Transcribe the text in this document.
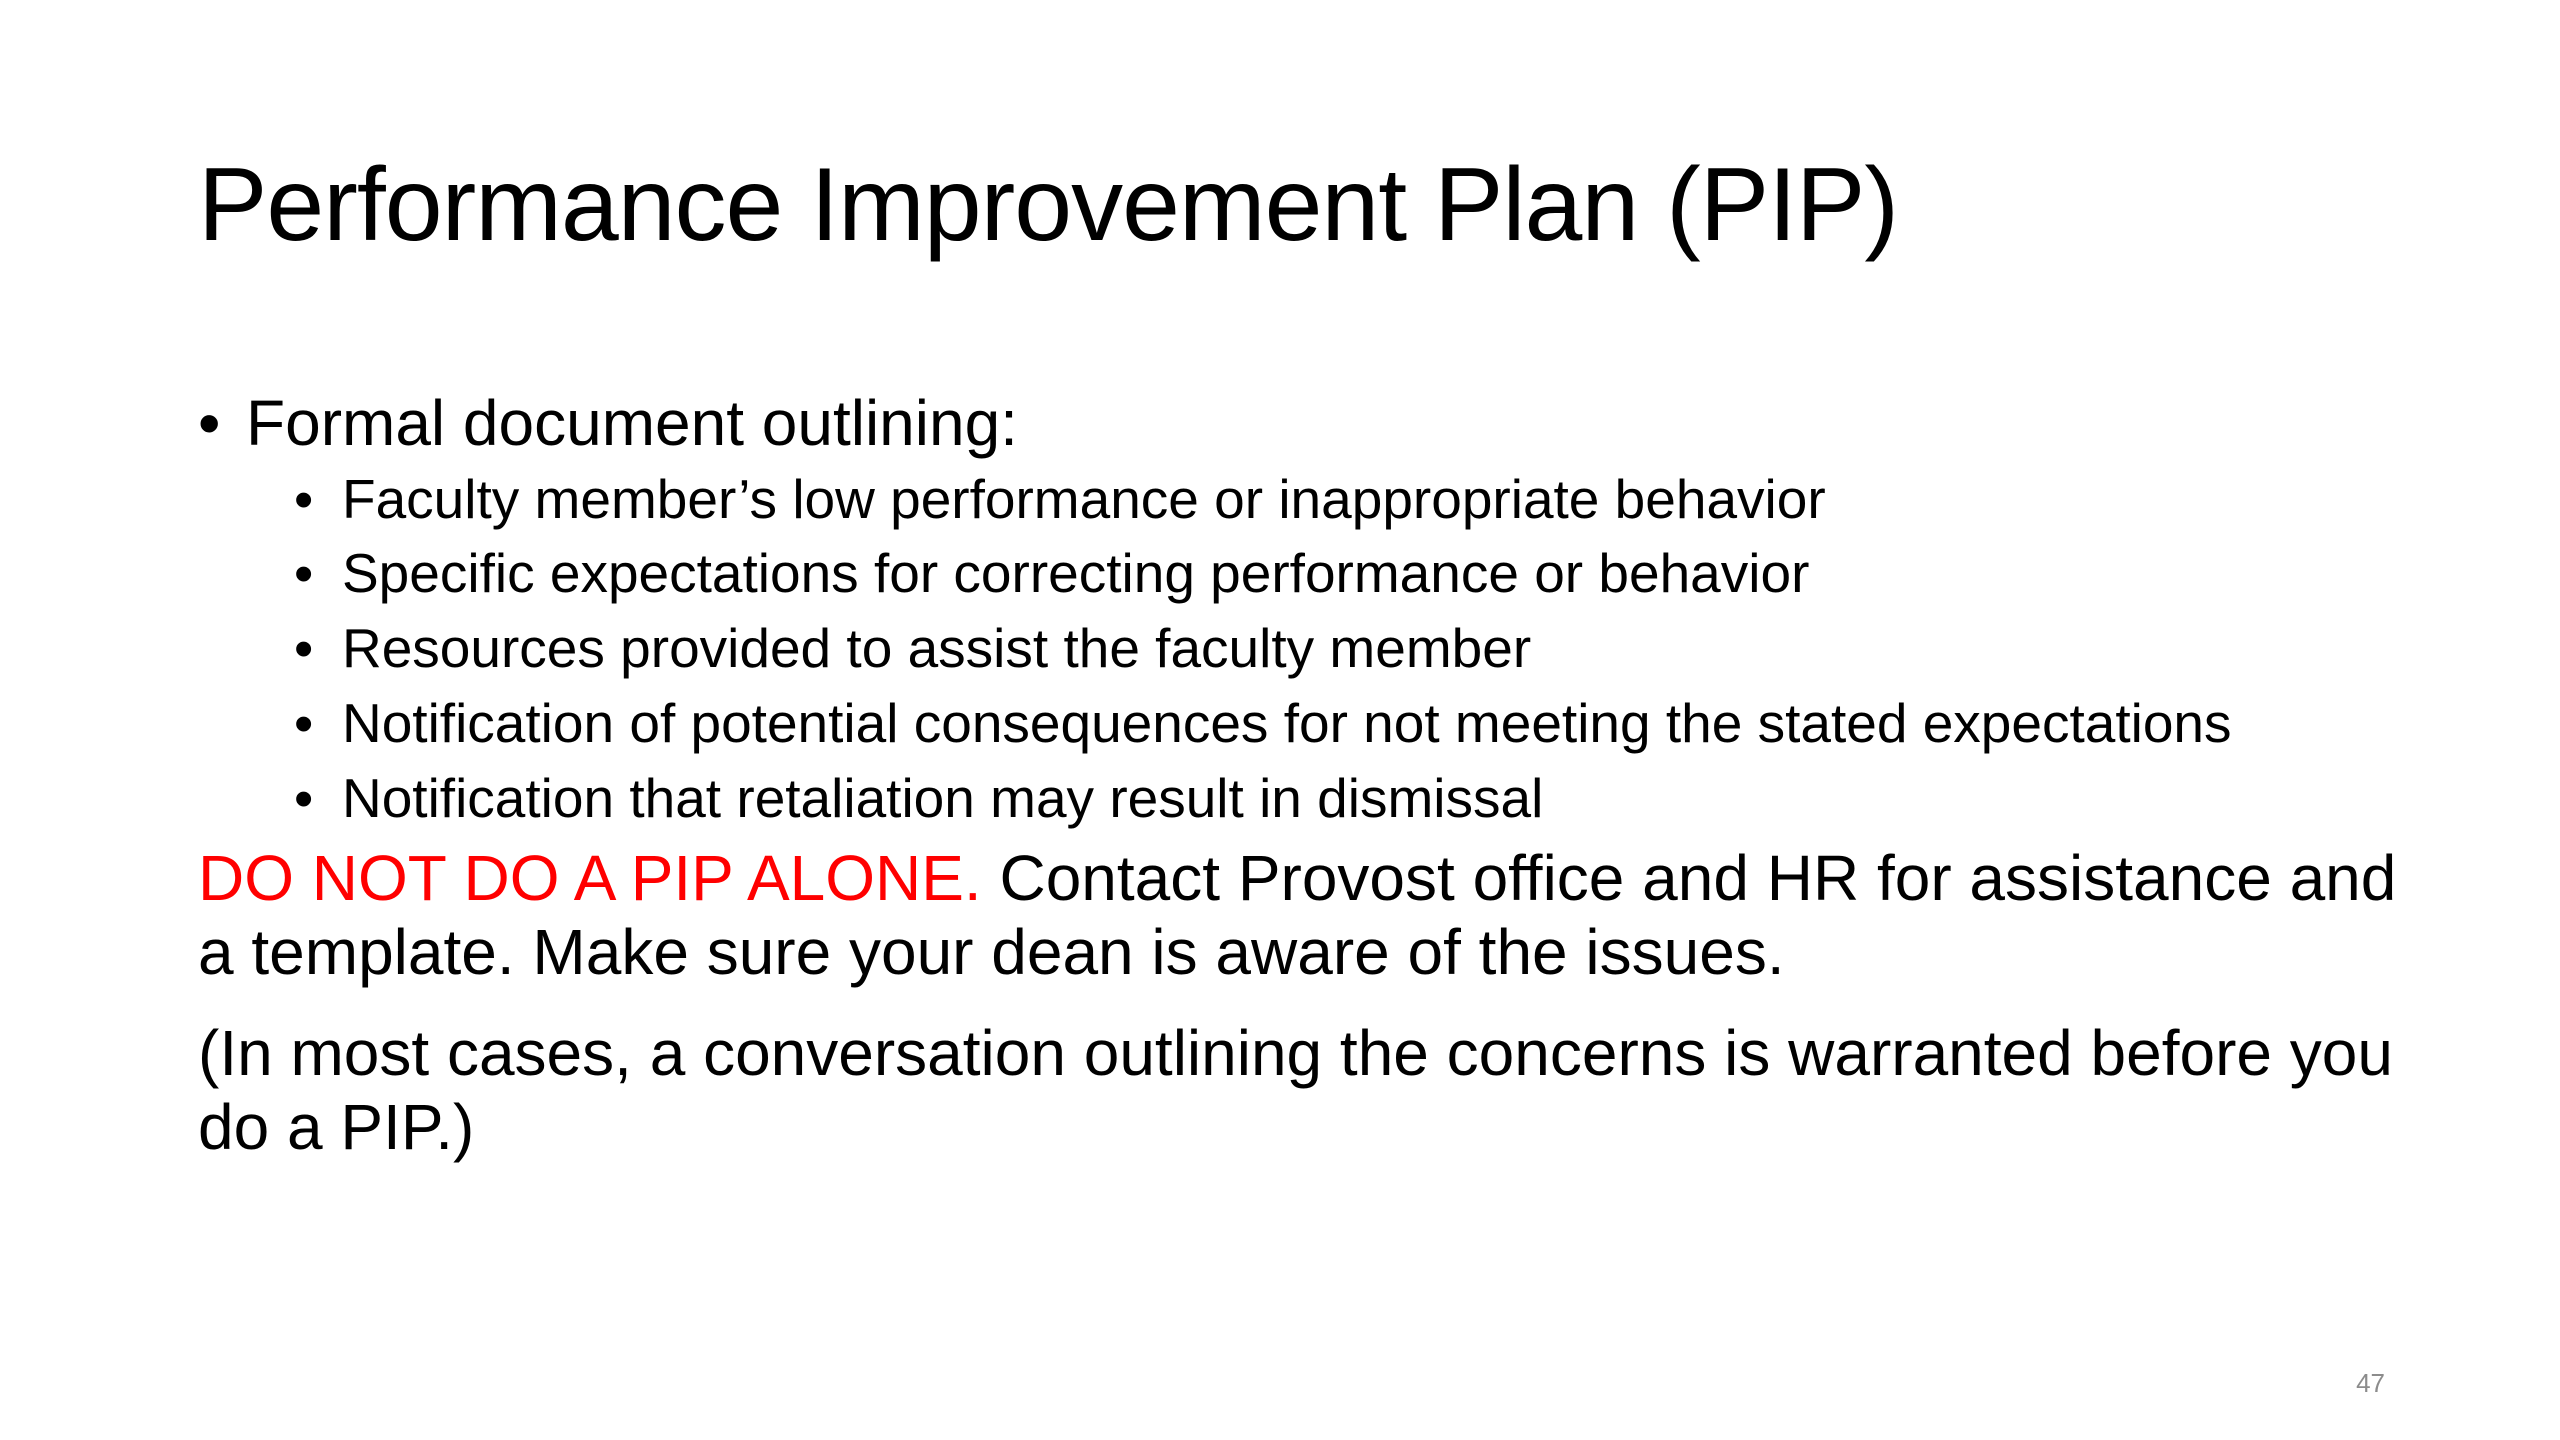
Performance Improvement Plan (PIP)
• Formal document outlining:
• Faculty member’s low performance or inappropriate behavior
• Specific expectations for correcting performance or behavior
• Resources provided to assist the faculty member
• Notification of potential consequences for not meeting the stated expectations
• Notification that retaliation may result in dismissal

DO NOT DO A PIP ALONE. Contact Provost office and HR for assistance and a template. Make sure your dean is aware of the issues.

(In most cases, a conversation outlining the concerns is warranted before you do a PIP.)

47
